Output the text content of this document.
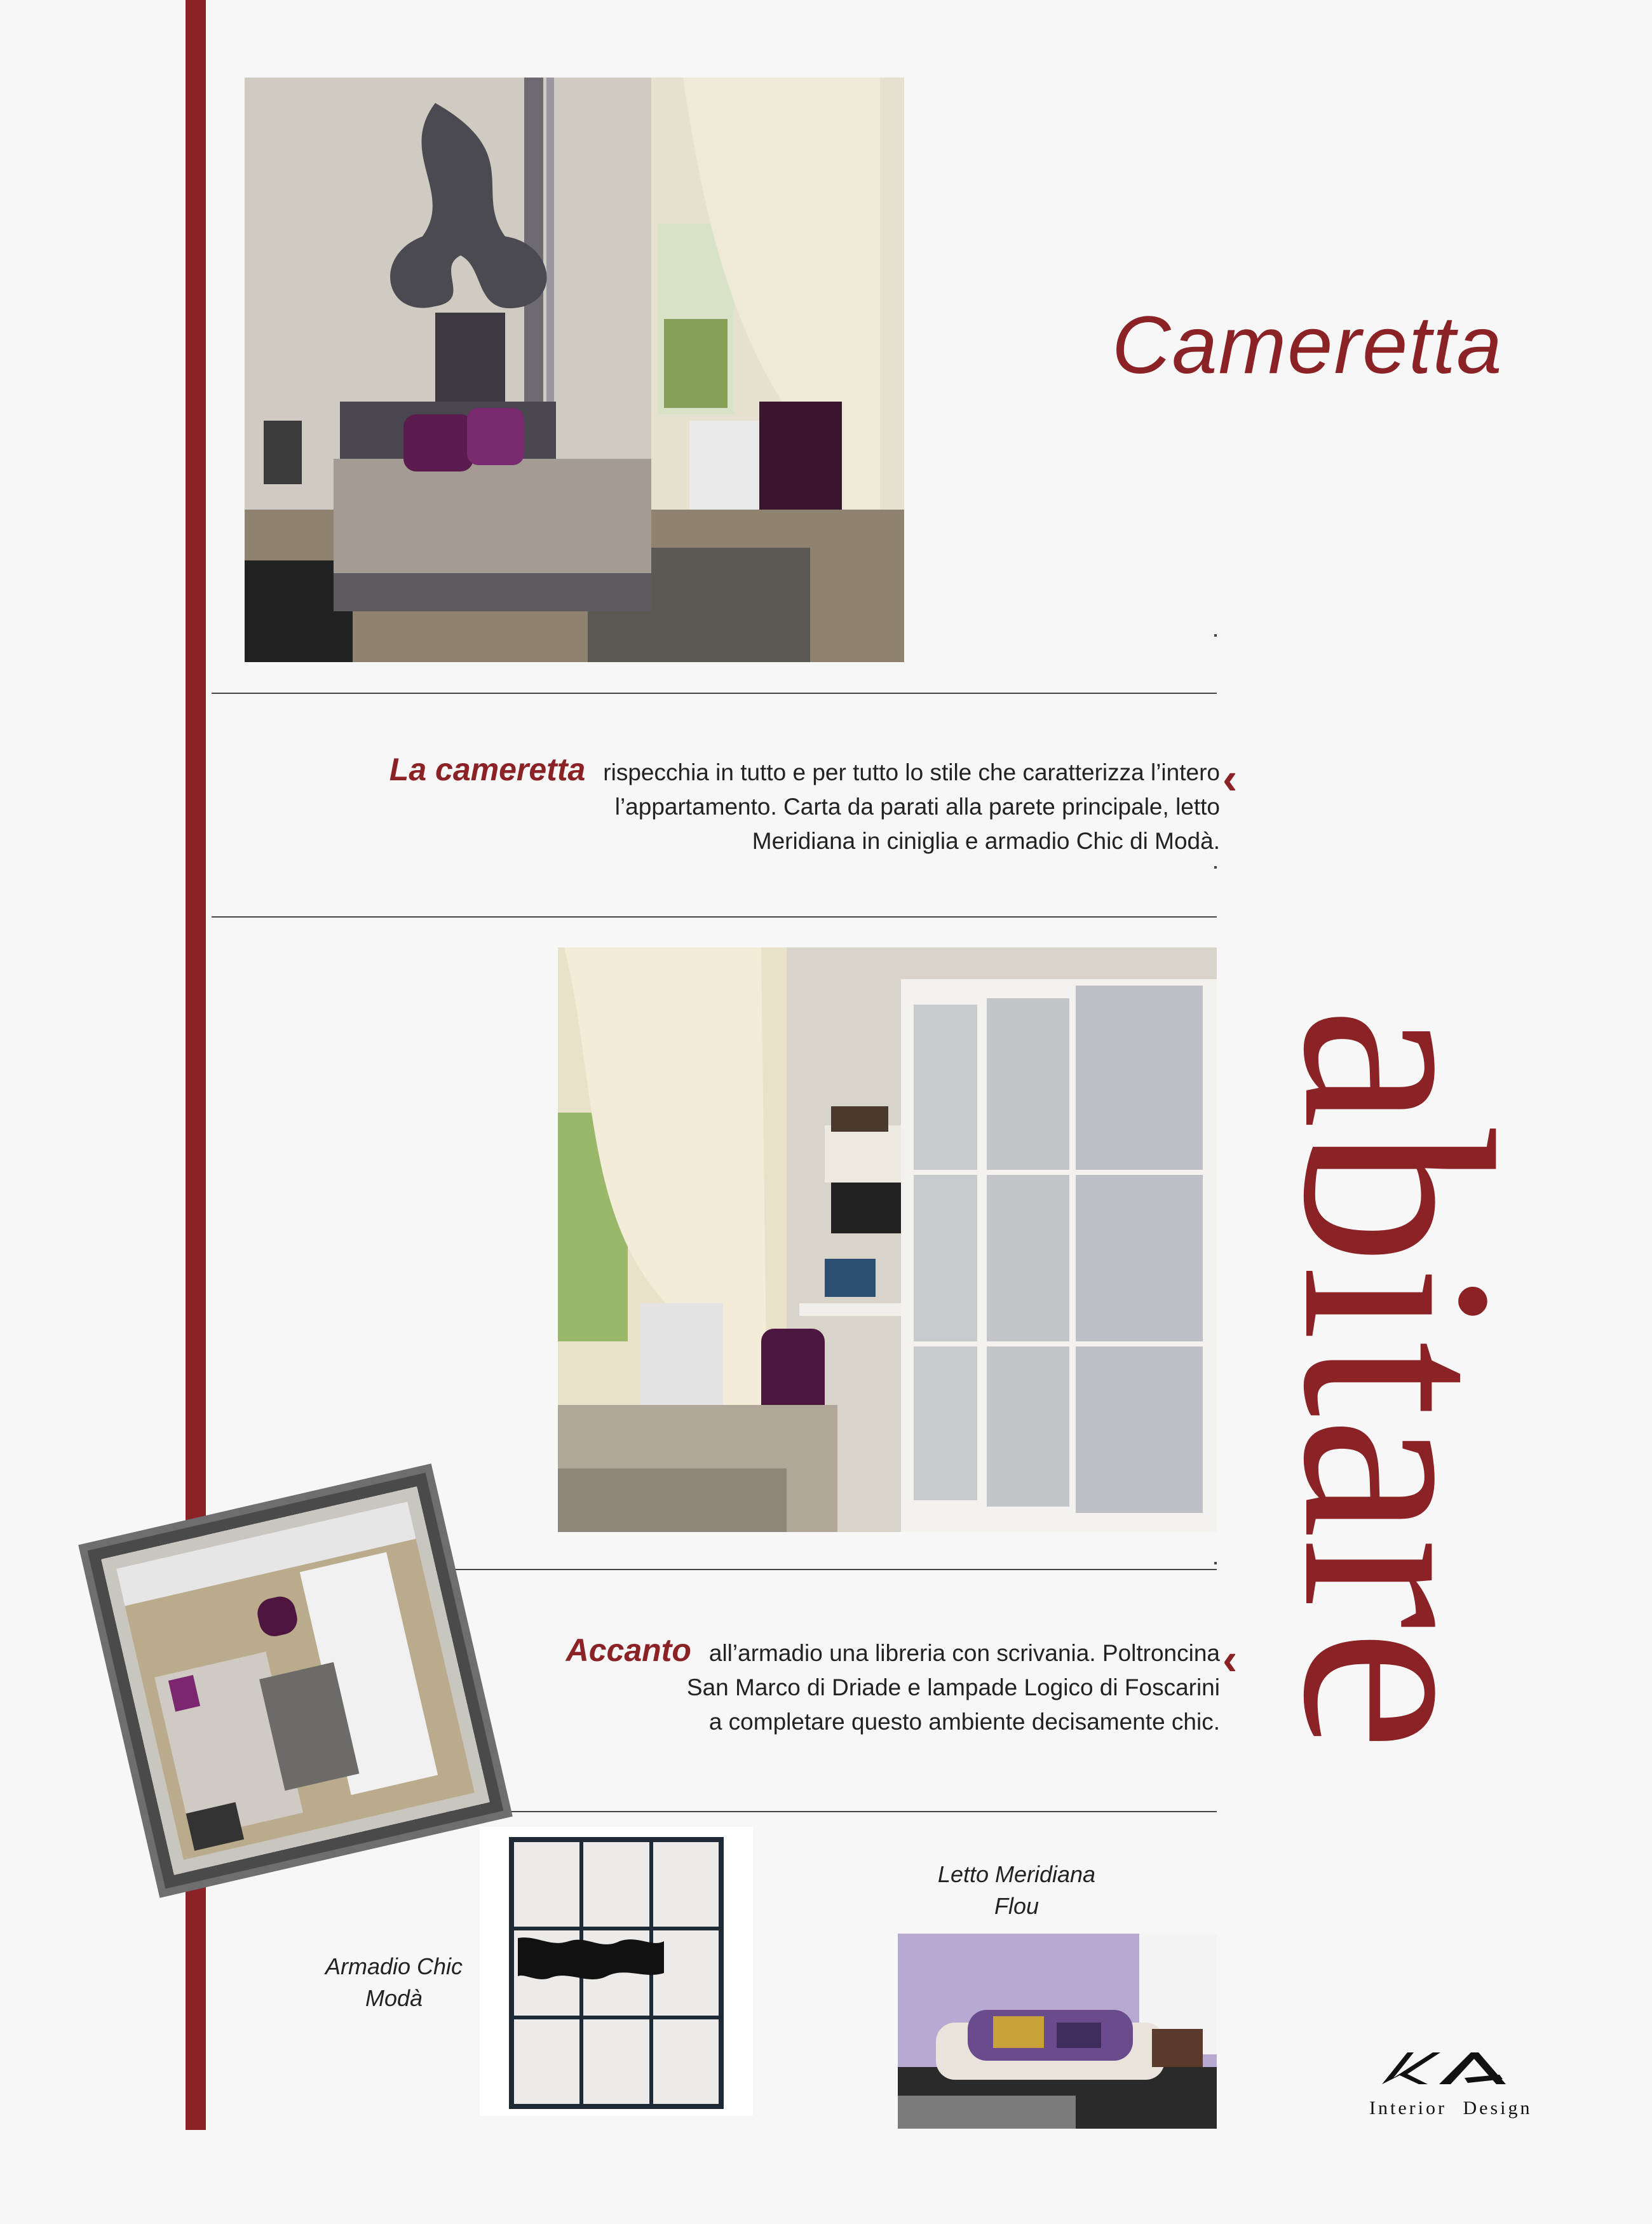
Cameretta
La cameretta rispecchia in tutto e per tutto lo stile che caratterizza l’intero
l’appartamento. Carta da parati alla parete principale, letto
Meridiana in ciniglia e armadio Chic di Modà.
‹
abitare
Accanto all’armadio una libreria con scrivania. Poltroncina
San Marco di Driade e lampade Logico di Foscarini
a completare questo ambiente decisamente chic.
‹
Armadio Chic
Modà
Letto Meridiana
Flou
Interior Design
